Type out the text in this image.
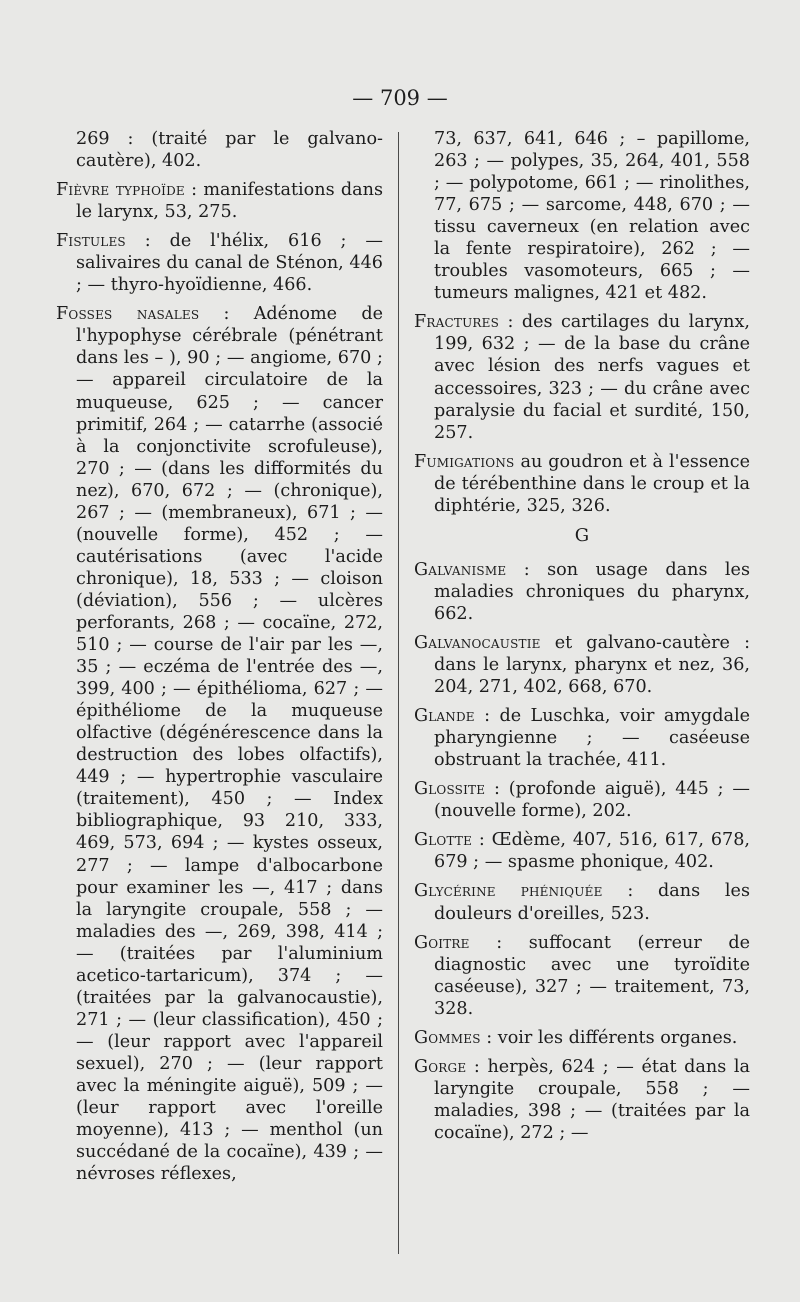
— 709 —
269 : (traité par le galvano-cautère), 402.
Fièvre typhoïde : manifestations dans le larynx, 53, 275.
Fistules : de l'hélix, 616 ; — salivaires du canal de Sténon, 446 ; — thyro-hyoïdienne, 466.
Fosses nasales : Adénome de l'hypophyse cérébrale (pénétrant dans les – ), 90 ; — angiome, 670 ; — appareil circulatoire de la muqueuse, 625 ; — cancer primitif, 264 ; — catarrhe (associé à la conjonctivite scrofuleuse), 270 ; — (dans les difformités du nez), 670, 672 ; — (chronique), 267 ; — (membraneux), 671 ; — (nouvelle forme), 452 ; — cautérisations (avec l'acide chronique), 18, 533 ; — cloison (déviation), 556 ; — ulcères perforants, 268 ; — cocaïne, 272, 510 ; — course de l'air par les —, 35 ; — eczéma de l'entrée des —, 399, 400 ; — épithélioma, 627 ; — épithéliome de la muqueuse olfactive (dégénérescence dans la destruction des lobes olfactifs), 449 ; — hypertrophie vasculaire (traitement), 450 ; — Index bibliographique, 93 210, 333, 469, 573, 694 ; — kystes osseux, 277 ; — lampe d'albocarbone pour examiner les —, 417 ; dans la laryngite croupale, 558 ; — maladies des —, 269, 398, 414 ; — (traitées par l'aluminium acetico-tartaricum), 374 ; — (traitées par la galvanocaustie), 271 ; — (leur classification), 450 ; — (leur rapport avec l'appareil sexuel), 270 ; — (leur rapport avec la méningite aiguë), 509 ; — (leur rapport avec l'oreille moyenne), 413 ; — menthol (un succédané de la cocaïne), 439 ; — névroses réflexes,
73, 637, 641, 646 ; – papillome, 263 ; — polypes, 35, 264, 401, 558 ; — polypotome, 661 ; — rinolithes, 77, 675 ; — sarcome, 448, 670 ; — tissu caverneux (en relation avec la fente respiratoire), 262 ; — troubles vasomoteurs, 665 ; — tumeurs malignes, 421 et 482.
Fractures : des cartilages du larynx, 199, 632 ; — de la base du crâne avec lésion des nerfs vagues et accessoires, 323 ; — du crâne avec paralysie du facial et surdité, 150, 257.
Fumigations au goudron et à l'essence de térébenthine dans le croup et la diphtérie, 325, 326.
G
Galvanisme : son usage dans les maladies chroniques du pharynx, 662.
Galvanocaustie et galvano-cautère : dans le larynx, pharynx et nez, 36, 204, 271, 402, 668, 670.
Glande : de Luschka, voir amygdale pharyngienne ; — caséeuse obstruant la trachée, 411.
Glossite : (profonde aiguë), 445 ; — (nouvelle forme), 202.
Glotte : Œdème, 407, 516, 617, 678, 679 ; — spasme phonique, 402.
Glycérine phéniquée : dans les douleurs d'oreilles, 523.
Goitre : suffocant (erreur de diagnostic avec une tyroïdite caséeuse), 327 ; — traitement, 73, 328.
Gommes : voir les différents organes.
Gorge : herpès, 624 ; — état dans la laryngite croupale, 558 ; — maladies, 398 ; — (traitées par la cocaïne), 272 ; —
